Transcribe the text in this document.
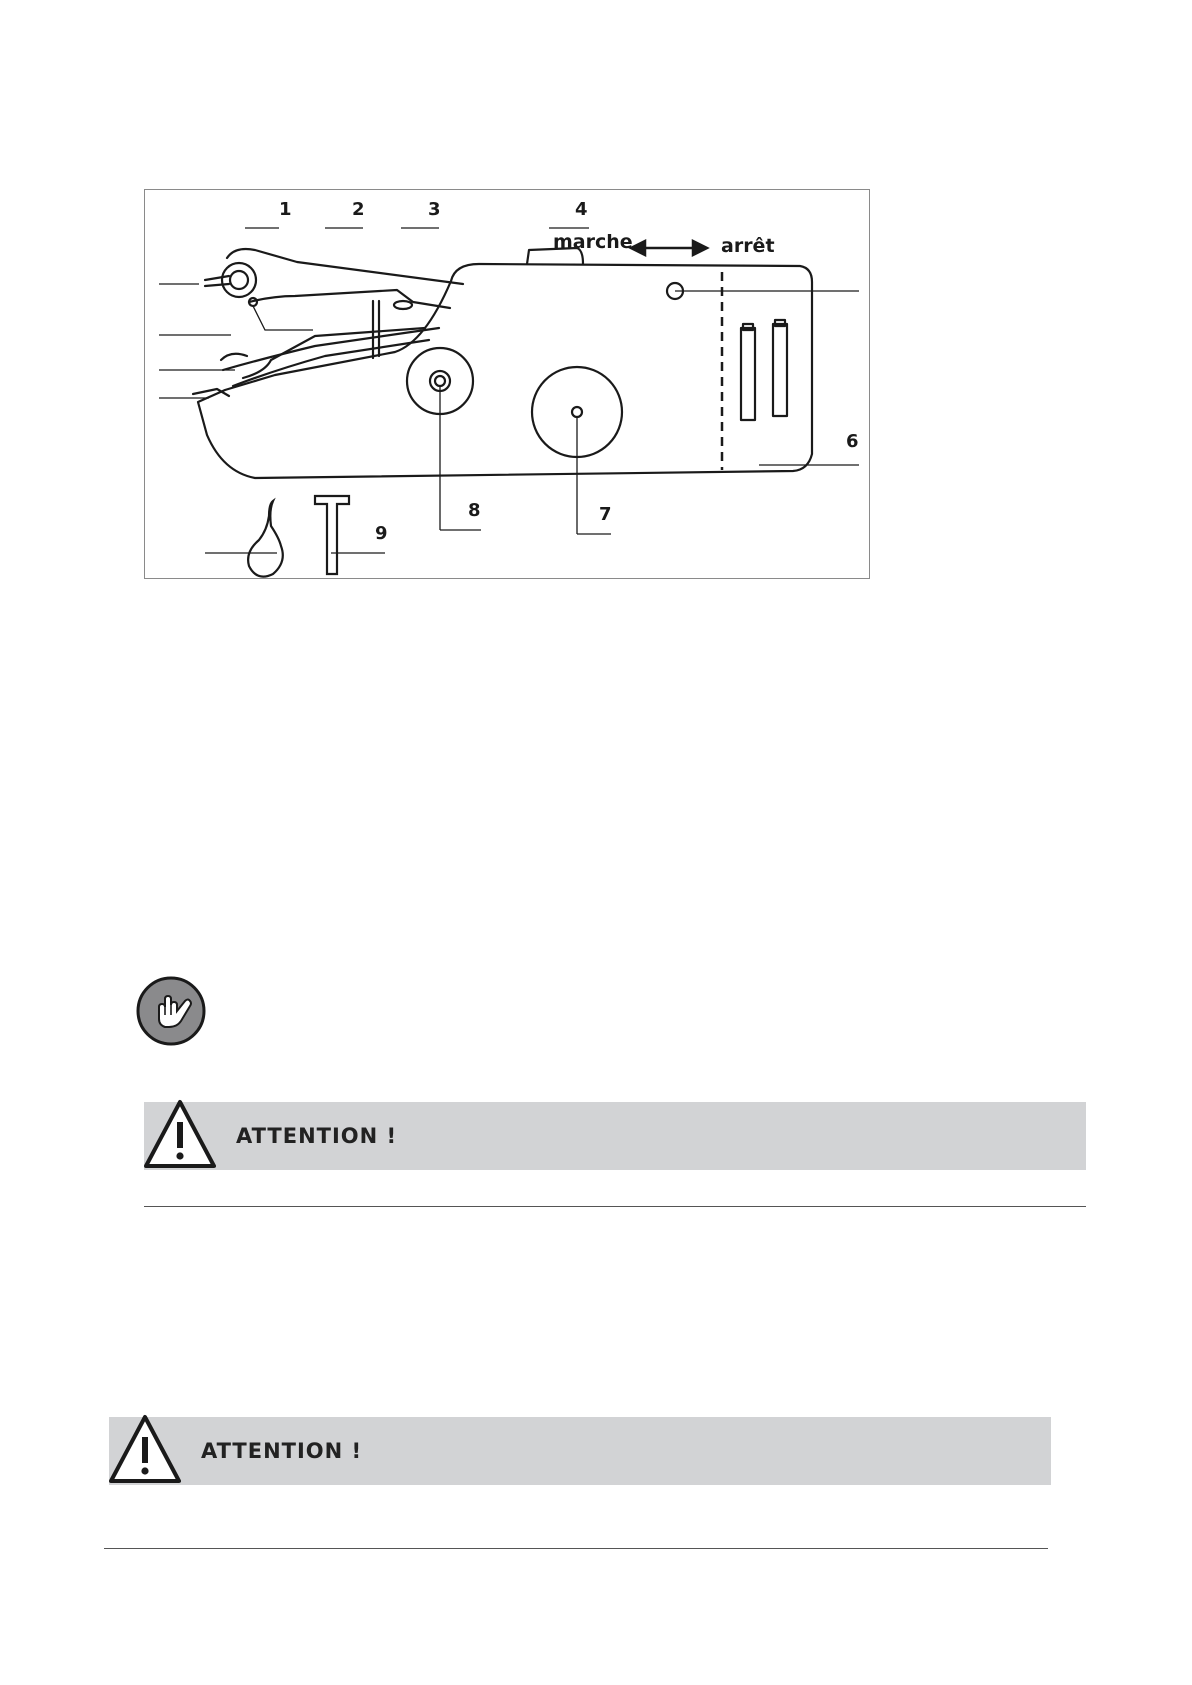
1	2	3	4
6
7
8
9
marche	arrêt
ATTENTION !
ATTENTION !
